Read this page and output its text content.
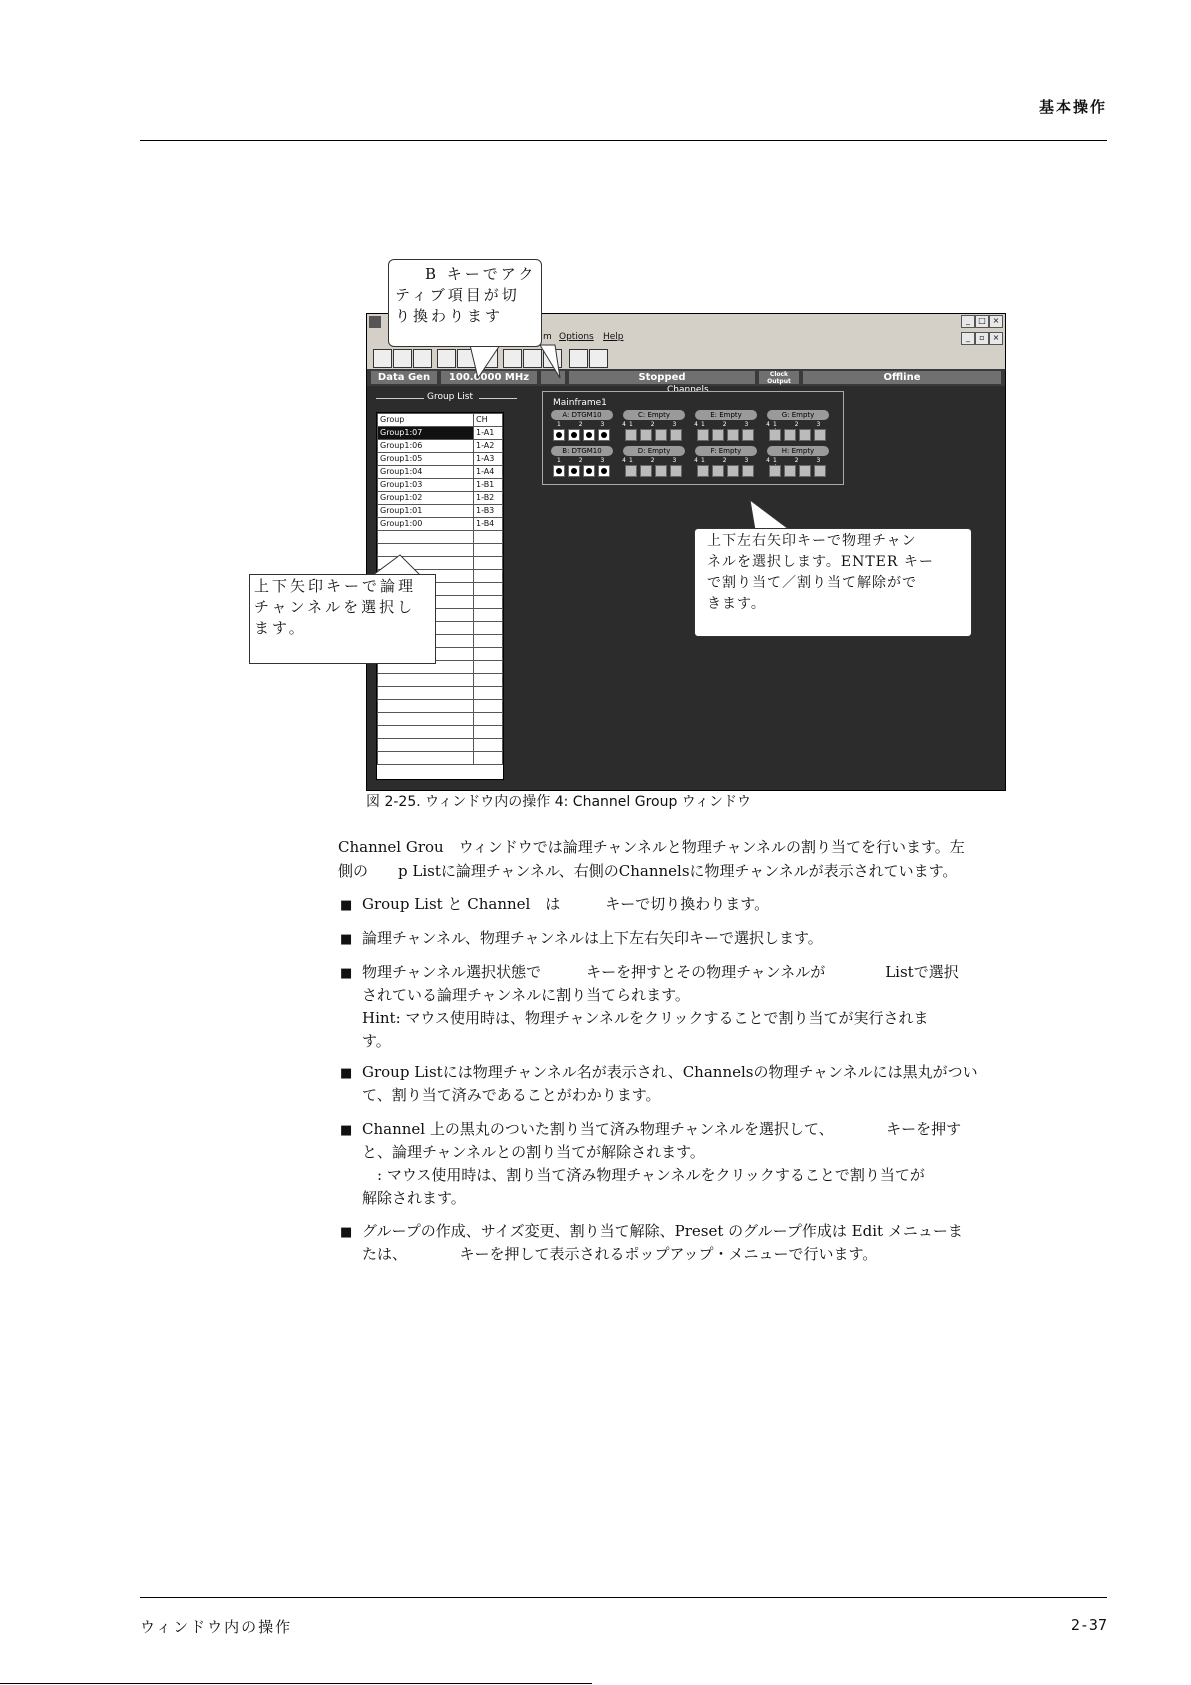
基本操作
_	□ ×
m Options Help	_	▫ ×
Data Gen	100.0000 MHz	Stopped	Clock Output	Offline
Group List
Group	CH
Group1:07	1-A1
Group1:06	1-A2
Group1:05	1-A3
Group1:04	1-A4
Group1:03	1-B1
Group1:02	1-B2
Group1:01	1-B3
Group1:00	1-B4

Channels
Mainframe1
A: DTGM10	C: Empty	E: Empty	G: Empty
1 2 3 4
1 2 3 4
1 2 3 4
1 2 3
B: DTGM10	D: Empty	F: Empty	H: Empty
1 2 3 4
1 2 3 4
1 2 3 4
1 2 3
B キーでアク
ティブ項目が切
り換わります
上下矢印キーで論理
チャンネルを選択し
ます。
上下左右矢印キーで物理チャン
ネルを選択します。ENTER キー
で割り当て／割り当て解除がで
きます。
図 2-25. ウィンドウ内の操作 4: Channel Group ウィンドウ
Channel Grou　ウィンドウでは論理チャンネルと物理チャンネルの割り当てを行います。左
側の　　p Listに論理チャンネル、右側のChannelsに物理チャンネルが表示されています。
■ Group List と Channel　は　　　キーで切り換わります。
■ 論理チャンネル、物理チャンネルは上下左右矢印キーで選択します。
■ 物理チャンネル選択状態で　　　キーを押すとその物理チャンネルが　　　　Listで選択
されている論理チャンネルに割り当てられます。
Hint: マウス使用時は、物理チャンネルをクリックすることで割り当てが実行されま
す。
■ Group Listには物理チャンネル名が表示され、Channelsの物理チャンネルには黒丸がつい
て、割り当て済みであることがわかります。
■ Channel 上の黒丸のついた割り当て済み物理チャンネルを選択して、　　　　キーを押す
と、論理チャンネルとの割り当てが解除されます。
　: マウス使用時は、割り当て済み物理チャンネルをクリックすることで割り当てが
解除されます。
■ グループの作成、サイズ変更、割り当て解除、Preset のグループ作成は Edit メニューま
たは、　　　　キーを押して表示されるポップアップ・メニューで行います。
ウィンドウ内の操作	2-37
